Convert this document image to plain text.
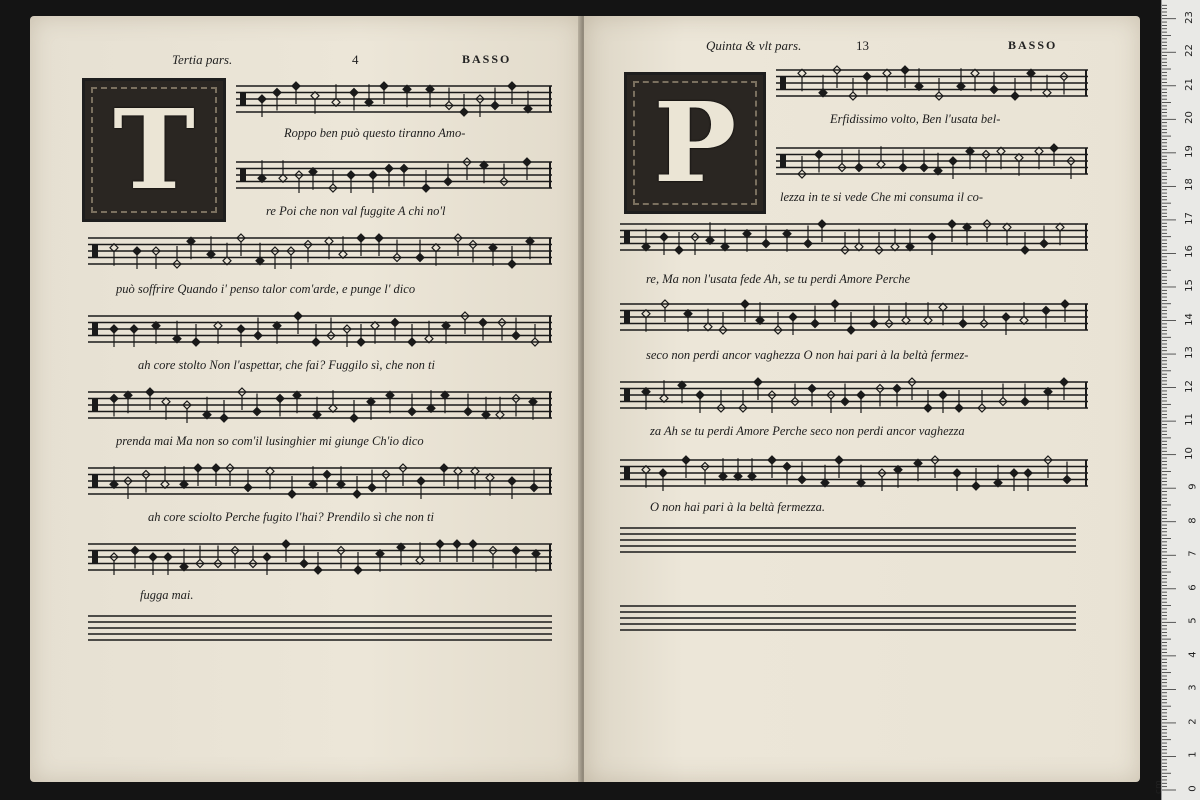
Tertia pars.	4	BASSO
T	Roppo ben può questo tiranno Amo-
re Poi che non val fuggite A chi no'l
può soffrire Quando i' penso talor com'arde, e punge l' dico
ah core stolto Non l'aspettar, che fai? Fuggilo sì, che non ti
prenda mai Ma non so com'il lusinghier mi giunge Ch'io dico
ah core sciolto Perche fugito l'hai? Prendilo sì che non ti
fugga mai.
Quinta & vlt pars.	13	BASSO
P	Erfidissimo volto, Ben l'usata bel-
lezza in te si vede Che mi consuma il co-
re, Ma non l'usata fede Ah, se tu perdi Amore Perche
seco non perdi ancor vaghezza O non hai pari à la beltà fermez-
za Ah se tu perdi Amore Perche seco non perdi ancor vaghezza
O non hai pari à la beltà fermezza.
0
1
2
3
4
5
6
7
8
9
10
11
12
13
14
15
16
17
18
19
20
21
22
23
cm
